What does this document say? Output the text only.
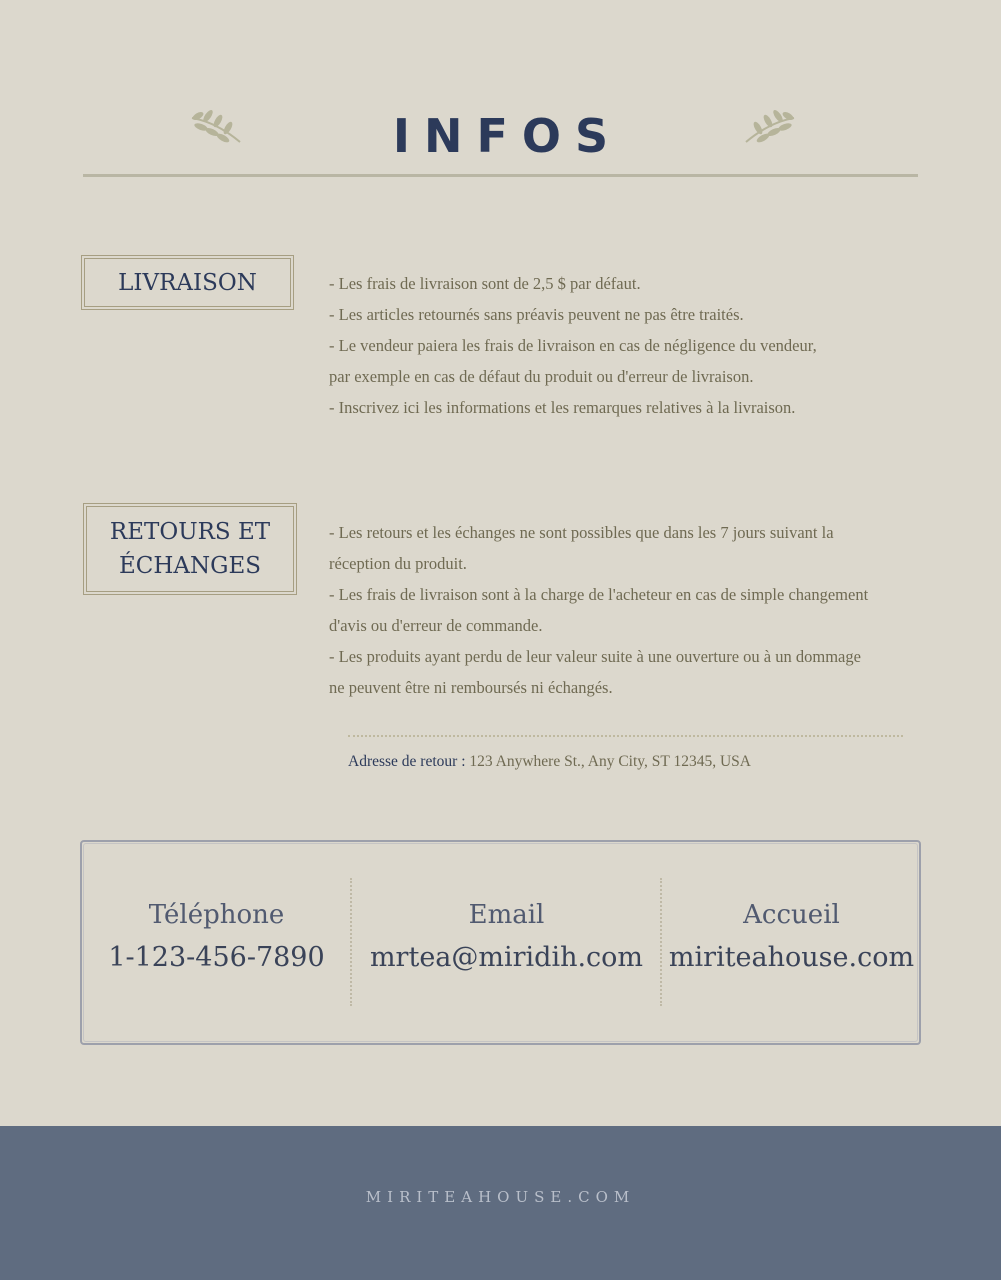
INFOS
LIVRAISON	- Les frais de livraison sont de 2,5 $ par défaut.

- Les articles retournés sans préavis peuvent ne pas être traités.

- Le vendeur paiera les frais de livraison en cas de négligence du vendeur,

par exemple en cas de défaut du produit ou d'erreur de livraison.

- Inscrivez ici les informations et les remarques relatives à la livraison.

RETOURS ET
ÉCHANGES

- Les retours et les échanges ne sont possibles que dans les 7 jours suivant la

réception du produit.

- Les frais de livraison sont à la charge de l'acheteur en cas de simple changement

d'avis ou d'erreur de commande.

- Les produits ayant perdu de leur valeur suite à une ouverture ou à un dommage

ne peuvent être ni remboursés ni échangés.

Adresse de retour : 123 Anywhere St., Any City, ST 12345, USA
Téléphone
1-123-456-7890
Email
mrtea@miridih.com
Accueil
miriteahouse.com
MIRITEAHOUSE.COM
